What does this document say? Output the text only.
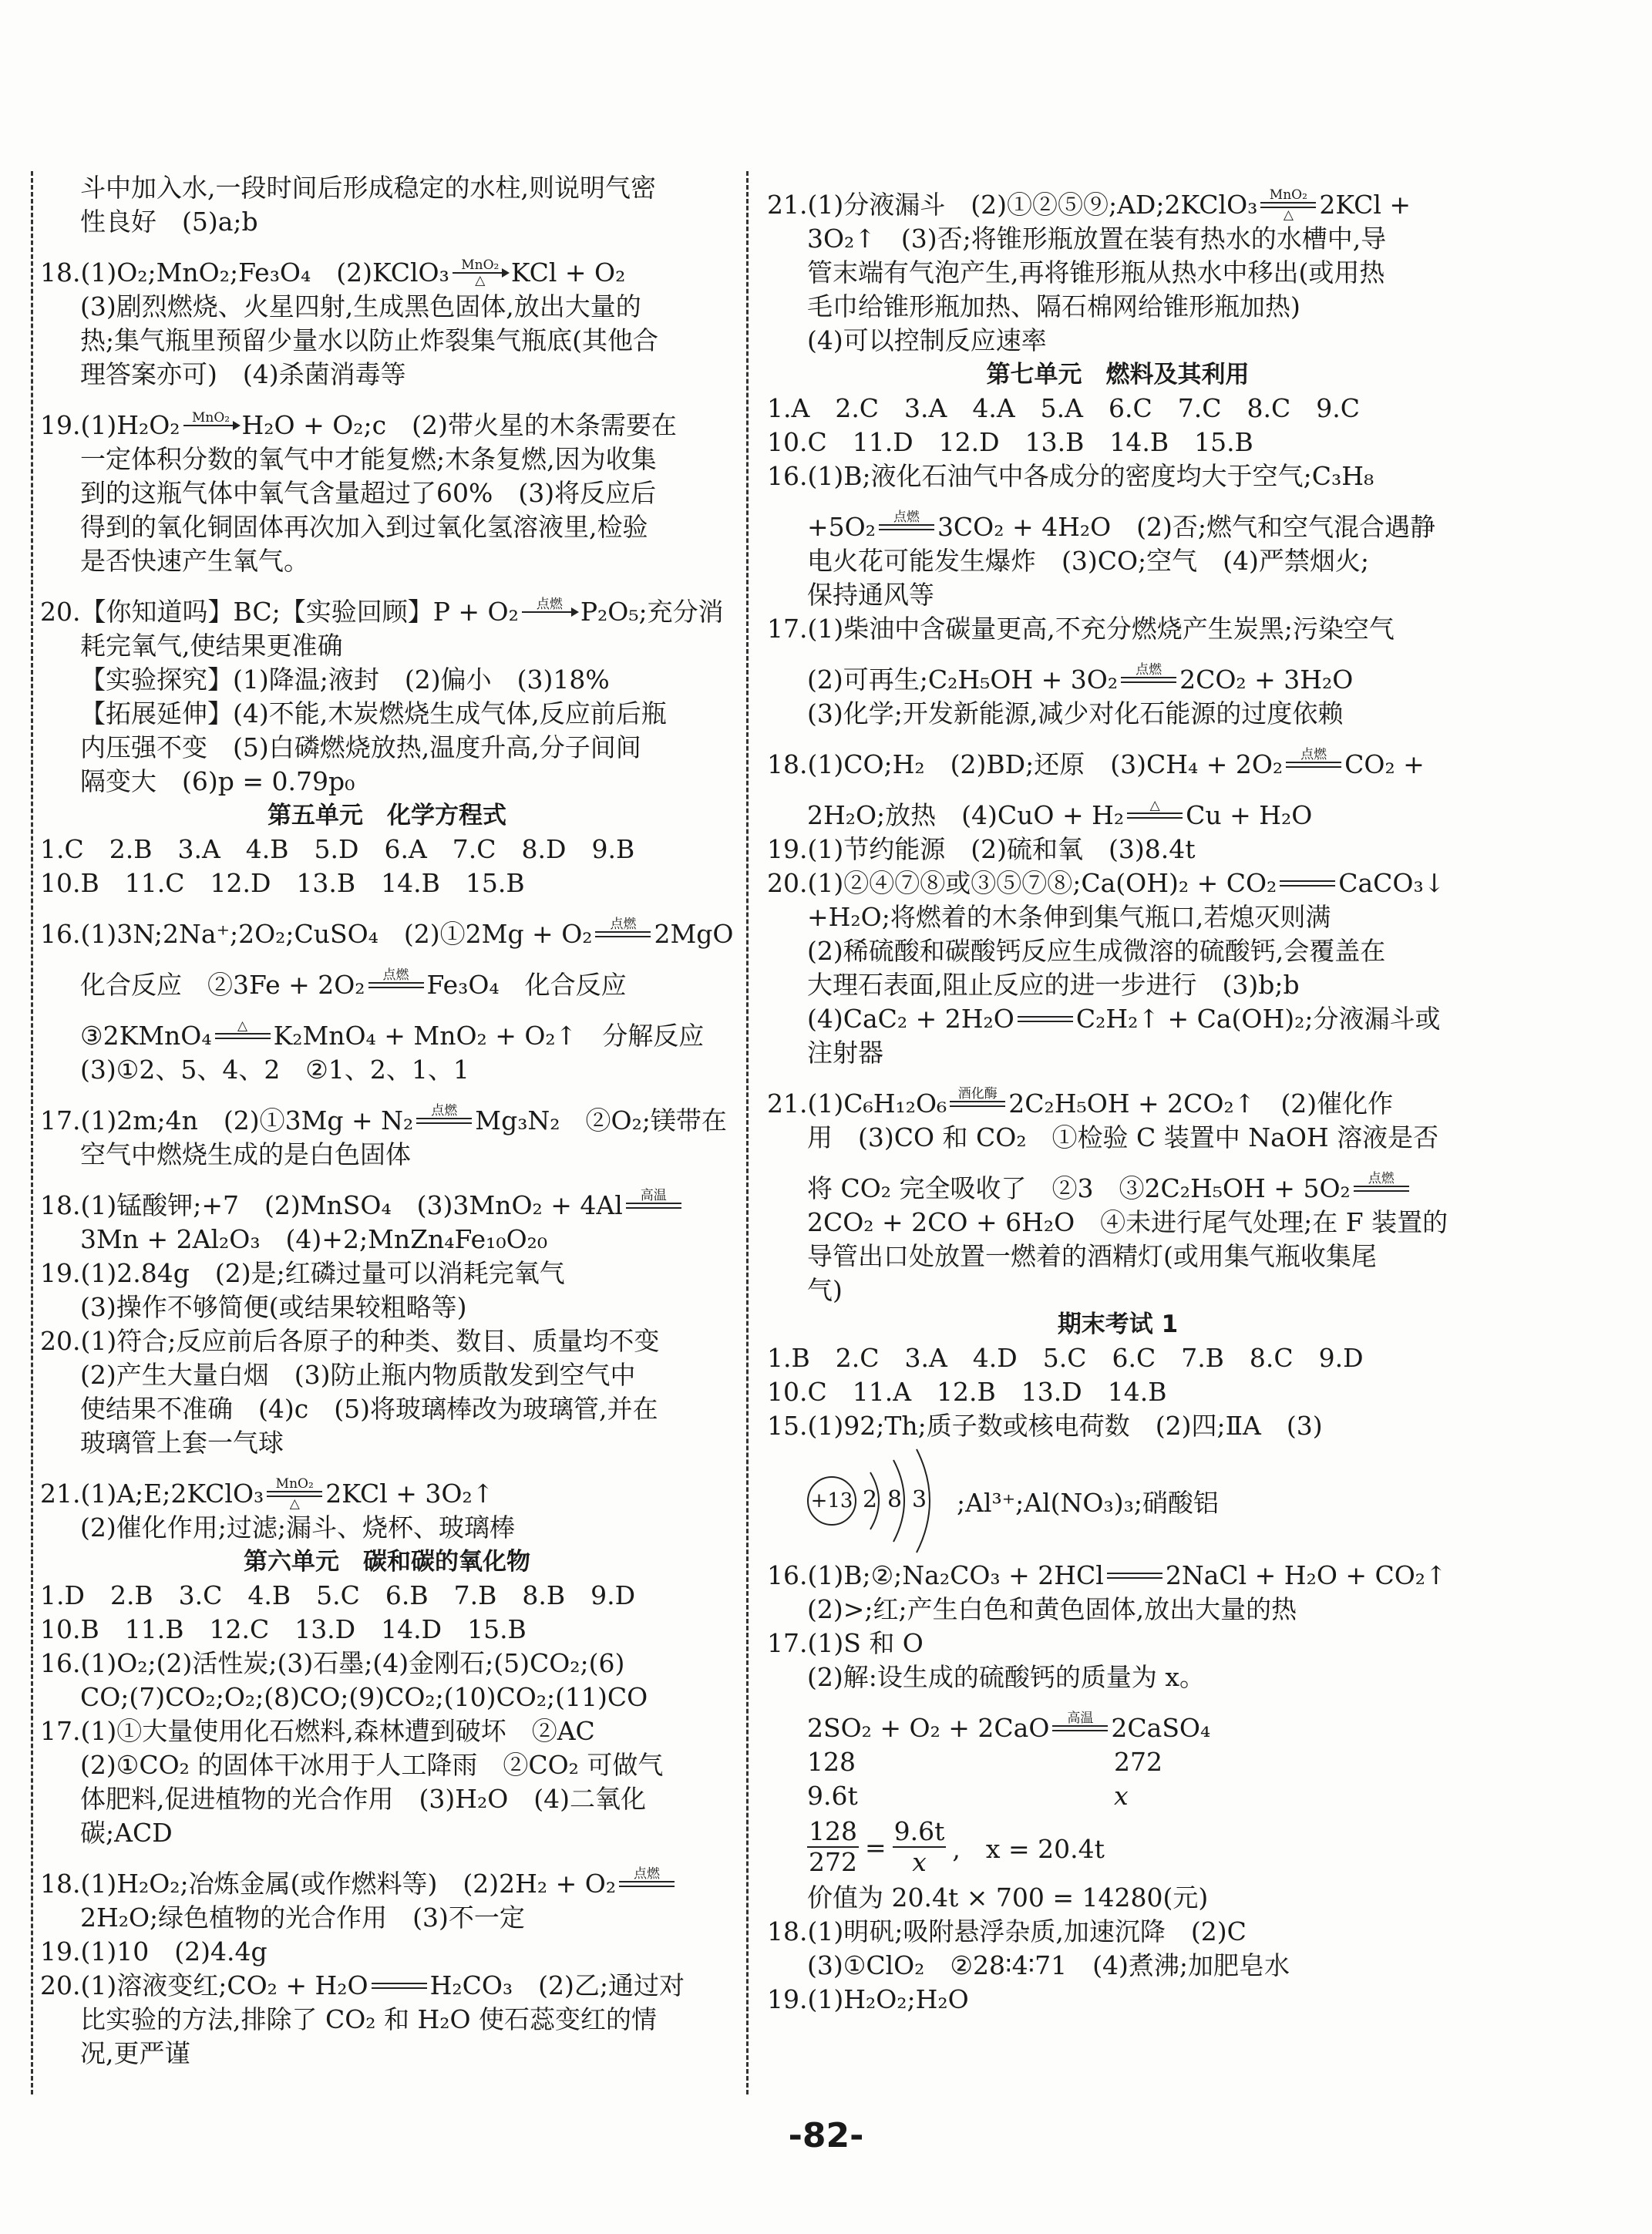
斗中加入水,一段时间后形成稳定的水柱,则说明气密
性良好　(5)a;b
18.(1)O₂;MnO₂;Fe₃O₄　(2)KClO₃ MnO₂
△ KCl + O₂
(3)剧烈燃烧、火星四射,生成黑色固体,放出大量的
热;集气瓶里预留少量水以防止炸裂集气瓶底(其他合
理答案亦可)　(4)杀菌消毒等
19.(1)H₂O₂ MnO₂ H₂O + O₂;c　(2)带火星的木条需要在
一定体积分数的氧气中才能复燃;木条复燃,因为收集
到的这瓶气体中氧气含量超过了60%　(3)将反应后
得到的氧化铜固体再次加入到过氧化氢溶液里,检验
是否快速产生氧气。
20.【你知道吗】BC;【实验回顾】P + O₂ 点燃 P₂O₅;充分消
耗完氧气,使结果更准确
【实验探究】(1)降温;液封　(2)偏小　(3)18%
【拓展延伸】(4)不能,木炭燃烧生成气体,反应前后瓶
内压强不变　(5)白磷燃烧放热,温度升高,分子间间
隔变大　(6)p = 0.79p₀
第五单元　化学方程式
1.C　2.B　3.A　4.B　5.D　6.A　7.C　8.D　9.B
10.B　11.C　12.D　13.B　14.B　15.B
16.(1)3N;2Na⁺;2O₂;CuSO₄　(2)①2Mg + O₂ 点燃 2MgO
化合反应　②3Fe + 2O₂ 点燃 Fe₃O₄　化合反应
③2KMnO₄ △ K₂MnO₄ + MnO₂ + O₂↑　分解反应
(3)①2、5、4、2　②1、2、1、1
17.(1)2m;4n　(2)①3Mg + N₂ 点燃 Mg₃N₂　②O₂;镁带在
空气中燃烧生成的是白色固体
18.(1)锰酸钾;+7　(2)MnSO₄　(3)3MnO₂ + 4Al 高温
3Mn + 2Al₂O₃　(4)+2;MnZn₄Fe₁₀O₂₀
19.(1)2.84g　(2)是;红磷过量可以消耗完氧气
(3)操作不够简便(或结果较粗略等)
20.(1)符合;反应前后各原子的种类、数目、质量均不变
(2)产生大量白烟　(3)防止瓶内物质散发到空气中
使结果不准确　(4)c　(5)将玻璃棒改为玻璃管,并在
玻璃管上套一气球
21.(1)A;E;2KClO₃ MnO₂
△ 2KCl + 3O₂↑
(2)催化作用;过滤;漏斗、烧杯、玻璃棒
第六单元　碳和碳的氧化物
1.D　2.B　3.C　4.B　5.C　6.B　7.B　8.B　9.D
10.B　11.B　12.C　13.D　14.D　15.B
16.(1)O₂;(2)活性炭;(3)石墨;(4)金刚石;(5)CO₂;(6)
CO;(7)CO₂;O₂;(8)CO;(9)CO₂;(10)CO₂;(11)CO
17.(1)①大量使用化石燃料,森林遭到破坏　②AC
(2)①CO₂ 的固体干冰用于人工降雨　②CO₂ 可做气
体肥料,促进植物的光合作用　(3)H₂O　(4)二氧化
碳;ACD
18.(1)H₂O₂;冶炼金属(或作燃料等)　(2)2H₂ + O₂ 点燃
2H₂O;绿色植物的光合作用　(3)不一定
19.(1)10　(2)4.4g
20.(1)溶液变红;CO₂ + H₂O H₂CO₃　(2)乙;通过对
比实验的方法,排除了 CO₂ 和 H₂O 使石蕊变红的情
况,更严谨
21.(1)分液漏斗　(2)①②⑤⑨;AD;2KClO₃ MnO₂
△ 2KCl +
3O₂↑　(3)否;将锥形瓶放置在装有热水的水槽中,导
管末端有气泡产生,再将锥形瓶从热水中移出(或用热
毛巾给锥形瓶加热、隔石棉网给锥形瓶加热)
(4)可以控制反应速率
第七单元　燃料及其利用
1.A　2.C　3.A　4.A　5.A　6.C　7.C　8.C　9.C
10.C　11.D　12.D　13.B　14.B　15.B
16.(1)B;液化石油气中各成分的密度均大于空气;C₃H₈
+5O₂ 点燃 3CO₂ + 4H₂O　(2)否;燃气和空气混合遇静
电火花可能发生爆炸　(3)CO;空气　(4)严禁烟火;
保持通风等
17.(1)柴油中含碳量更高,不充分燃烧产生炭黑;污染空气
(2)可再生;C₂H₅OH + 3O₂ 点燃 2CO₂ + 3H₂O
(3)化学;开发新能源,减少对化石能源的过度依赖
18.(1)CO;H₂　(2)BD;还原　(3)CH₄ + 2O₂ 点燃 CO₂ +
2H₂O;放热　(4)CuO + H₂ △ Cu + H₂O
19.(1)节约能源　(2)硫和氧　(3)8.4t
20.(1)②④⑦⑧或③⑤⑦⑧;Ca(OH)₂ + CO₂ CaCO₃↓
+H₂O;将燃着的木条伸到集气瓶口,若熄灭则满
(2)稀硫酸和碳酸钙反应生成微溶的硫酸钙,会覆盖在
大理石表面,阻止反应的进一步进行　(3)b;b
(4)CaC₂ + 2H₂O C₂H₂↑ + Ca(OH)₂;分液漏斗或
注射器
21.(1)C₆H₁₂O₆ 酒化酶 2C₂H₅OH + 2CO₂↑　(2)催化作
用　(3)CO 和 CO₂　①检验 C 装置中 NaOH 溶液是否
将 CO₂ 完全吸收了　②3　③2C₂H₅OH + 5O₂ 点燃
2CO₂ + 2CO + 6H₂O　④未进行尾气处理;在 F 装置的
导管出口处放置一燃着的酒精灯(或用集气瓶收集尾
气)
期末考试 1
1.B　2.C　3.A　4.D　5.C　6.C　7.B　8.C　9.D
10.C　11.A　12.B　13.D　14.B
15.(1)92;Th;质子数或核电荷数　(2)四;ⅡA　(3)
+13 2 8 3 ;Al³⁺;Al(NO₃)₃;硝酸铝
16.(1)B;②;Na₂CO₃ + 2HCl 2NaCl + H₂O + CO₂↑
(2)>;红;产生白色和黄色固体,放出大量的热
17.(1)S 和 O
(2)解:设生成的硫酸钙的质量为 x。
2SO₂ + O₂ + 2CaO 高温 2CaSO₄
128	272
9.6t	x
$\frac{128}{272} = \frac{9.6t}{x}$ ,　x = 20.4t
价值为 20.4t × 700 = 14280(元)
18.(1)明矾;吸附悬浮杂质,加速沉降　(2)C
(3)①ClO₂　②28∶4∶71　(4)煮沸;加肥皂水
19.(1)H₂O₂;H₂O
-82-
